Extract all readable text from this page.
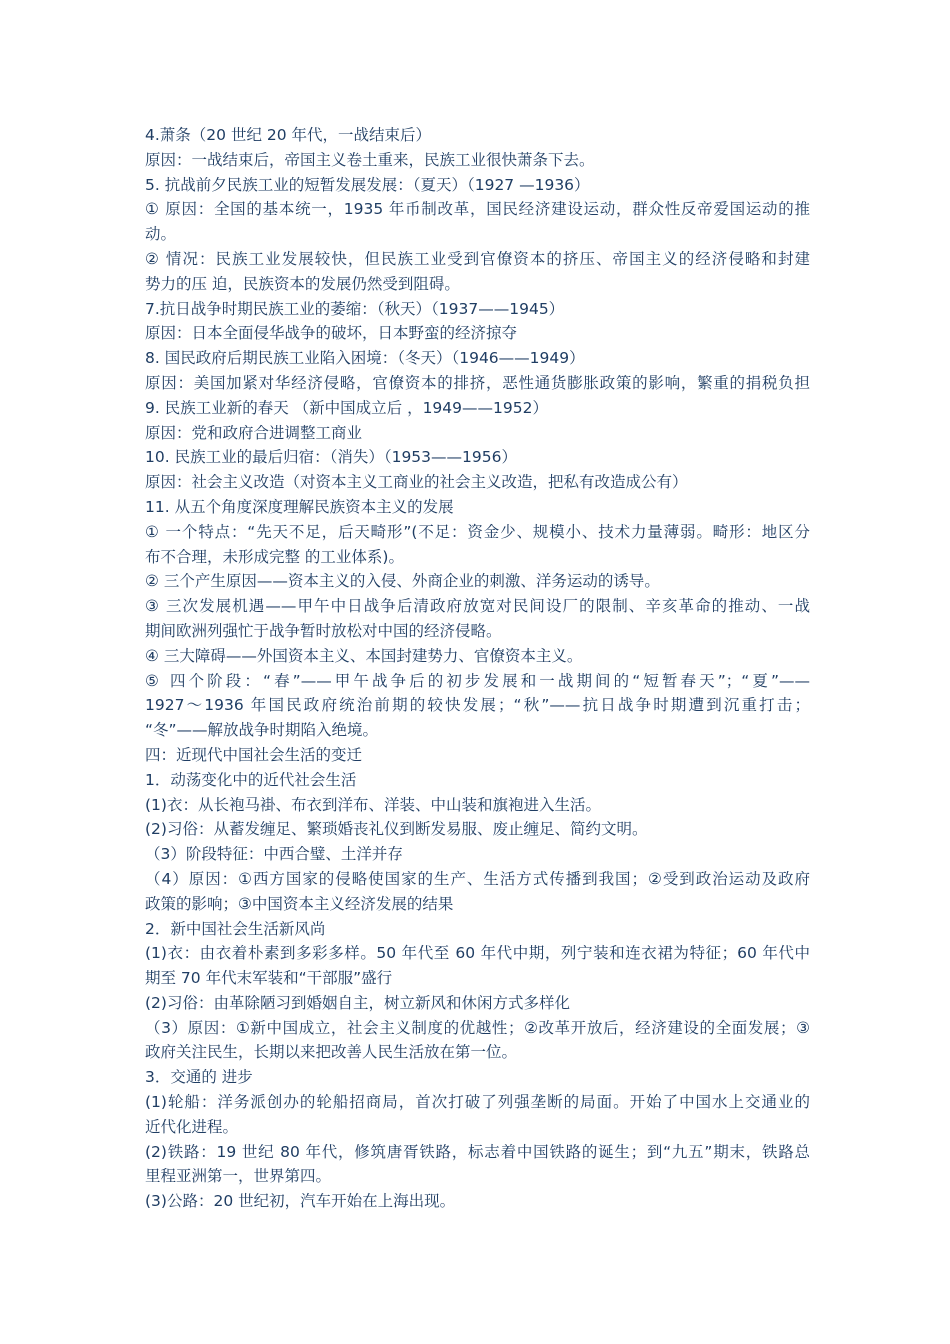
4.萧条（20 世纪 20 年代，一战结束后）
原因：一战结束后，帝国主义卷土重来，民族工业很快萧条下去。
5. 抗战前夕民族工业的短暂发展发展：（夏天）（1927 —1936）
① 原因：全国的基本统一，1935 年币制改革，国民经济建设运动，群众性反帝爱国运动的推
动。
② 情况：民族工业发展较快，但民族工业受到官僚资本的挤压、帝国主义的经济侵略和封建
势力的压 迫，民族资本的发展仍然受到阻碍。
7.抗日战争时期民族工业的萎缩：（秋天）（1937——1945）
原因：日本全面侵华战争的破坏，日本野蛮的经济掠夺
8. 国民政府后期民族工业陷入困境：（冬天）（1946——1949）
原因：美国加紧对华经济侵略，官僚资本的排挤，恶性通货膨胀政策的影响，繁重的捐税负担
9. 民族工业新的春天 （新中国成立后 ，1949——1952）
原因：党和政府合进调整工商业
10. 民族工业的最后归宿：（消失）（1953——1956）
原因：社会主义改造（对资本主义工商业的社会主义改造，把私有改造成公有）
11. 从五个角度深度理解民族资本主义的发展
① 一个特点：“先天不足，后天畸形”(不足：资金少、规模小、技术力量薄弱。畸形：地区分
布不合理，未形成完整 的工业体系)。
② 三个产生原因——资本主义的入侵、外商企业的刺激、洋务运动的诱导。
③ 三次发展机遇——甲午中日战争后清政府放宽对民间设厂的限制、辛亥革命的推动、一战
期间欧洲列强忙于战争暂时放松对中国的经济侵略。
④ 三大障碍——外国资本主义、本国封建势力、官僚资本主义。
⑤ 四个阶段：“春”——甲午战争后的初步发展和一战期间的“短暂春天”；“夏”——
1927～1936 年国民政府统治前期的较快发展；“秋”——抗日战争时期遭到沉重打击；
“冬”——解放战争时期陷入绝境。
四：近现代中国社会生活的变迁
1．动荡变化中的近代社会生活
(1)衣：从长袍马褂、布衣到洋布、洋装、中山装和旗袍进入生活。
(2)习俗：从蓄发缠足、繁琐婚丧礼仪到断发易服、废止缠足、简约文明。
（3）阶段特征：中西合璧、土洋并存
（4）原因：①西方国家的侵略使国家的生产、生活方式传播到我国；②受到政治运动及政府
政策的影响；③中国资本主义经济发展的结果
2．新中国社会生活新风尚
(1)衣：由衣着朴素到多彩多样。50 年代至 60 年代中期，列宁装和连衣裙为特征；60 年代中
期至 70 年代末军装和“干部服”盛行
(2)习俗：由革除陋习到婚姻自主，树立新风和休闲方式多样化
（3）原因：①新中国成立，社会主义制度的优越性；②改革开放后，经济建设的全面发展；③
政府关注民生，长期以来把改善人民生活放在第一位。
3．交通的 进步
(1)轮船：洋务派创办的轮船招商局，首次打破了列强垄断的局面。开始了中国水上交通业的
近代化进程。
(2)铁路：19 世纪 80 年代，修筑唐胥铁路，标志着中国铁路的诞生；到“九五”期末，铁路总
里程亚洲第一，世界第四。
(3)公路：20 世纪初，汽车开始在上海出现。
